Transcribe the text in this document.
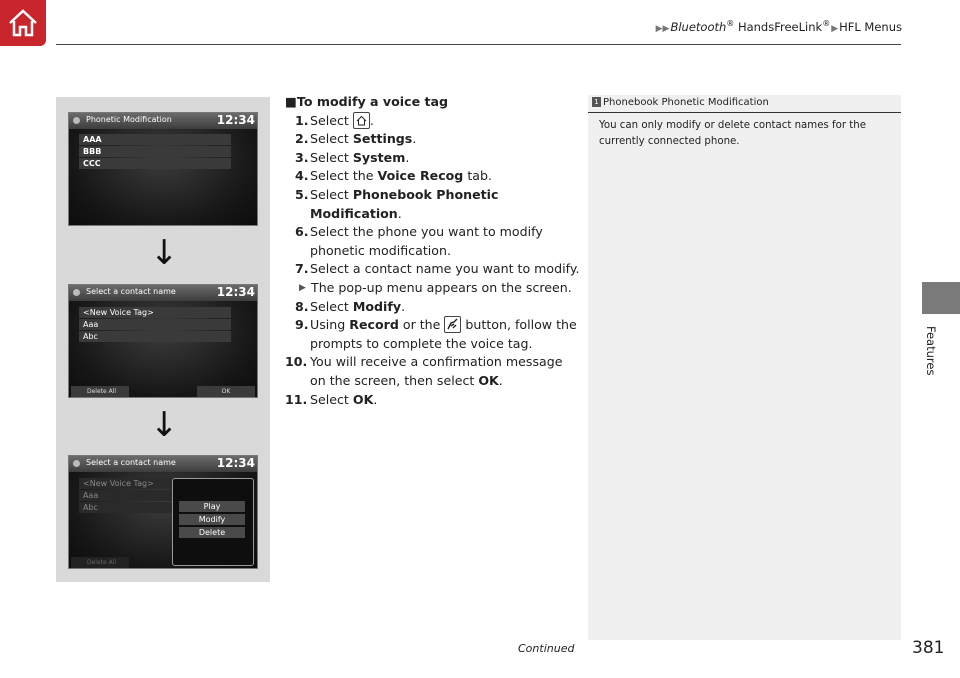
▶▶Bluetooth® HandsFreeLink®▶HFL Menus
Features
Phonetic Modification	12:34
AAA
BBB
CCC
↓
Select a contact name	12:34
<New Voice Tag>
Aaa
Abc
Delete All	OK
↓
Select a contact name	12:34
<New Voice Tag>
Aaa
Abc
Delete All
Play
Modify
Delete
■To modify a voice tag
1. Select .
2. Select Settings.
3. Select System.
4. Select the Voice Recog tab.
5. Select Phonebook Phonetic Modification.
6. Select the phone you want to modify phonetic modification.
7. Select a contact name you want to modify.
▶ The pop-up menu appears on the screen.
8. Select Modify.
9. Using Record or the  button, follow the prompts to complete the voice tag.
10. You will receive a confirmation message on the screen, then select OK.
11. Select OK.
1 Phonebook Phonetic Modification
You can only modify or delete contact names for the currently connected phone.
Continued	381
